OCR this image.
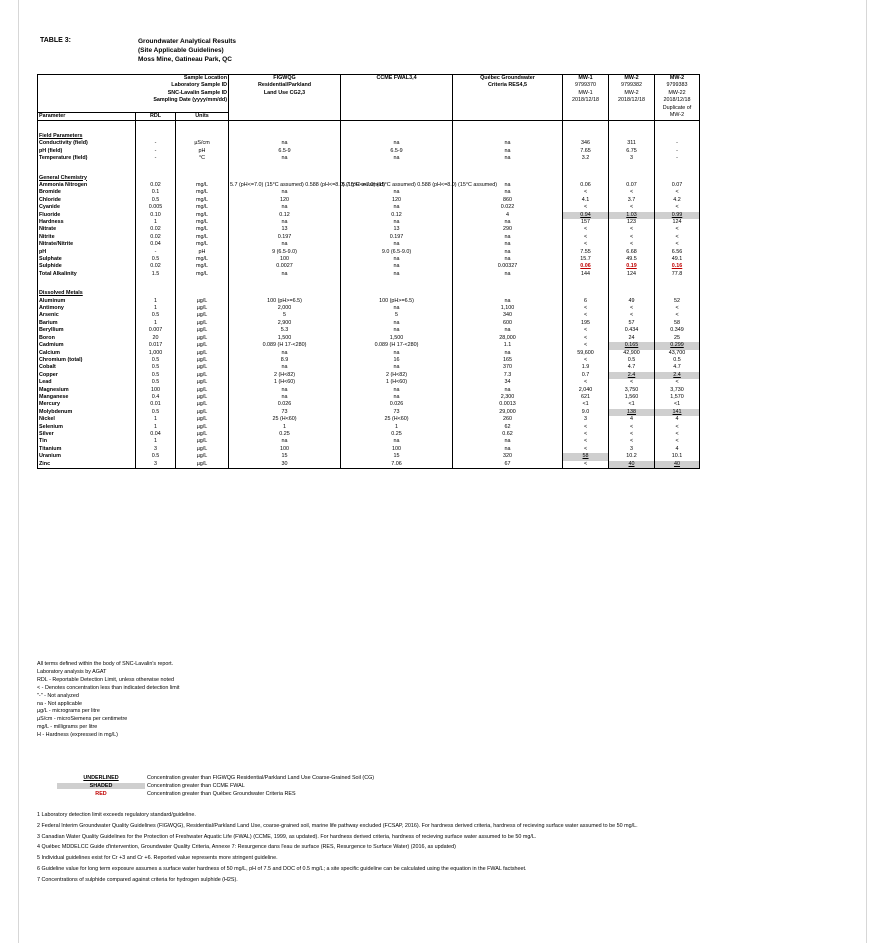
TABLE 3:	Groundwater Analytical Results
(Site Applicable Guidelines)
Moss Mine, Gatineau Park, QC
Sample Location			FIGWQG	CCME FWAL3,4	Québec Groundwater	MW-1	MW-2	MW-2
Laboratory Sample ID			Residential/Parkland		Criteria RES4,5	9799370	9799382	9799383
SNC-Lavalin Sample ID			Land Use CG2,3			MW-1	MW-2	MW-22
Sampling Date (yyyy/mm/dd)						2018/12/18	2018/12/18	2018/12/18
								Duplicate of
Parameter	RDL	Units						MW-2

Field Parameters								
Conductivity (field)	-	µS/cm	na	na	na	346	311	-
pH (field)	-	pH	6.5-9	6.5-9	na	7.65	6.75	-
Temperature (field)	-	°C	na	na	na	3.2	3	-

General Chemistry								
Ammonia Nitrogen	0.02	mg/L	5.7 (pH<=7.0) (15°C assumed) 0.588 (pH<=8.0) (15°C assumed)	5.7 (pH<=7.0) (15°C assumed) 0.588 (pH<=8.0) (15°C assumed)	na	0.06	0.07	0.07
Bromide	0.1	mg/L	na	na	na	<	<	<
Chloride	0.5	mg/L	120	120	860	4.1	3.7	4.2
Cyanide	0.005	mg/L	na	na	0.022	<	<	<
Fluoride	0.10	mg/L	0.12	0.12	4	0.94	1.03	0.99
Hardness	1	mg/L	na	na	na	157	123	124
Nitrate	0.02	mg/L	13	13	290	<	<	<
Nitrite	0.02	mg/L	0.197	0.197	na	<	<	<
Nitrate/Nitrite	0.04	mg/L	na	na	na	<	<	<
pH	-	pH	9 (6.5-9.0)	9.0 (6.5-9.0)	na	7.55	6.68	6.56
Sulphate	0.5	mg/L	100	na	na	15.7	49.5	49.1
Sulphide	0.02	mg/L	0.0027	na	0.00327	0.06	0.19	0.16
Total Alkalinity	1.5	mg/L	na	na	na	144	124	77.8

Dissolved Metals								
Aluminum	1	µg/L	100 (pH>=6.5)	100 (pH>=6.5)	na	6	49	52
Antimony	1	µg/L	2,000	na	1,100	<	<	<
Arsenic	0.5	µg/L	5	5	340	<	<	<
Barium	1	µg/L	2,900	na	600	195	57	58
Beryllium	0.007	µg/L	5.3	na	na	<	0.434	0.349
Boron	20	µg/L	1,500	1,500	28,000	<	24	25
Cadmium	0.017	µg/L	0.089 (H 17-<280)	0.089 (H 17-<280)	1.1	<	0.165	0.299
Calcium	1,000	µg/L	na	na	na	59,600	42,900	43,700
Chromium (total)	0.5	µg/L	8.9	16	165	<	0.5	0.5
Cobalt	0.5	µg/L	na	na	370	1.9	4.7	4.7
Copper	0.5	µg/L	2 (H<82)	2 (H<82)	7.3	0.7	2.4	2.4
Lead	0.5	µg/L	1 (H<60)	1 (H<60)	34	<	<	<
Magnesium	100	µg/L	na	na	na	2,040	3,750	3,730
Manganese	0.4	µg/L	na	na	2,300	621	1,560	1,570
Mercury	0.01	µg/L	0.026	0.026	0.0013	<1	<1	<1
Molybdenum	0.5	µg/L	73	73	29,000	9.0	138	141
Nickel	1	µg/L	25 (H<60)	25 (H<60)	260	3	4	4
Selenium	1	µg/L	1	1	62	<	<	<
Silver	0.04	µg/L	0.25	0.25	0.62	<	<	<
Tin	1	µg/L	na	na	na	<	<	<
Titanium	3	µg/L	100	100	na	<	3	4
Uranium	0.5	µg/L	15	15	320	58	10.2	10.1
Zinc	3	µg/L	30	7.06	67	<	40	40
All terms defined within the body of SNC-Lavalin's report.
Laboratory analysis by AGAT
RDL - Reportable Detection Limit, unless otherwise noted
< - Denotes concentration less than indicated detection limit
"-" - Not analyzed
na - Not applicable
µg/L - micrograms per litre
µS/cm - microSiemens per centimetre
mg/L - milligrams per litre
H - Hardness (expressed in mg/L)
UNDERLINED	Concentration greater than FIGWQG Residential/Parkland Land Use Coarse-Grained Soil (CG)
SHADED	Concentration greater than CCME FWAL
RED	Concentration greater than Québec Groundwater Criteria RES

1 Laboratory detection limit exceeds regulatory standard/guideline.

2 Federal Interim Groundwater Quality Guidelines (FIGWQG), Residential/Parkland Land Use, coarse-grained soil, marine life pathway excluded (FCSAP, 2016). For hardness derived criteria, hardness of recieving surface water assumed to be 50 mg/L.

3 Canadian Water Quality Guidelines for the Protection of Freshwater Aquatic Life (FWAL) (CCME, 1999, as updated). For hardness derived criteria, hardness of recieving surface water assumed to be 50 mg/L.

4 Québec MDDELCC Guide d'intervention, Groundwater Quality Criteria, Annexe 7: Resurgence dans l'eau de surface (RES, Resurgence to Surface Water) (2016, as updated)

5 Individual guidelines exist for Cr +3 and Cr +6. Reported value represents more stringent guideline.

6 Guideline value for long term exposure assumes a surface water hardness of 50 mg/L, pH of 7.5 and DOC of 0.5 mg/L; a site specific guideline can be calculated using the equation in the FWAL factsheet.

7 Concentrations of sulphide compared against criteria for hydrogen sulphide (H2S).
